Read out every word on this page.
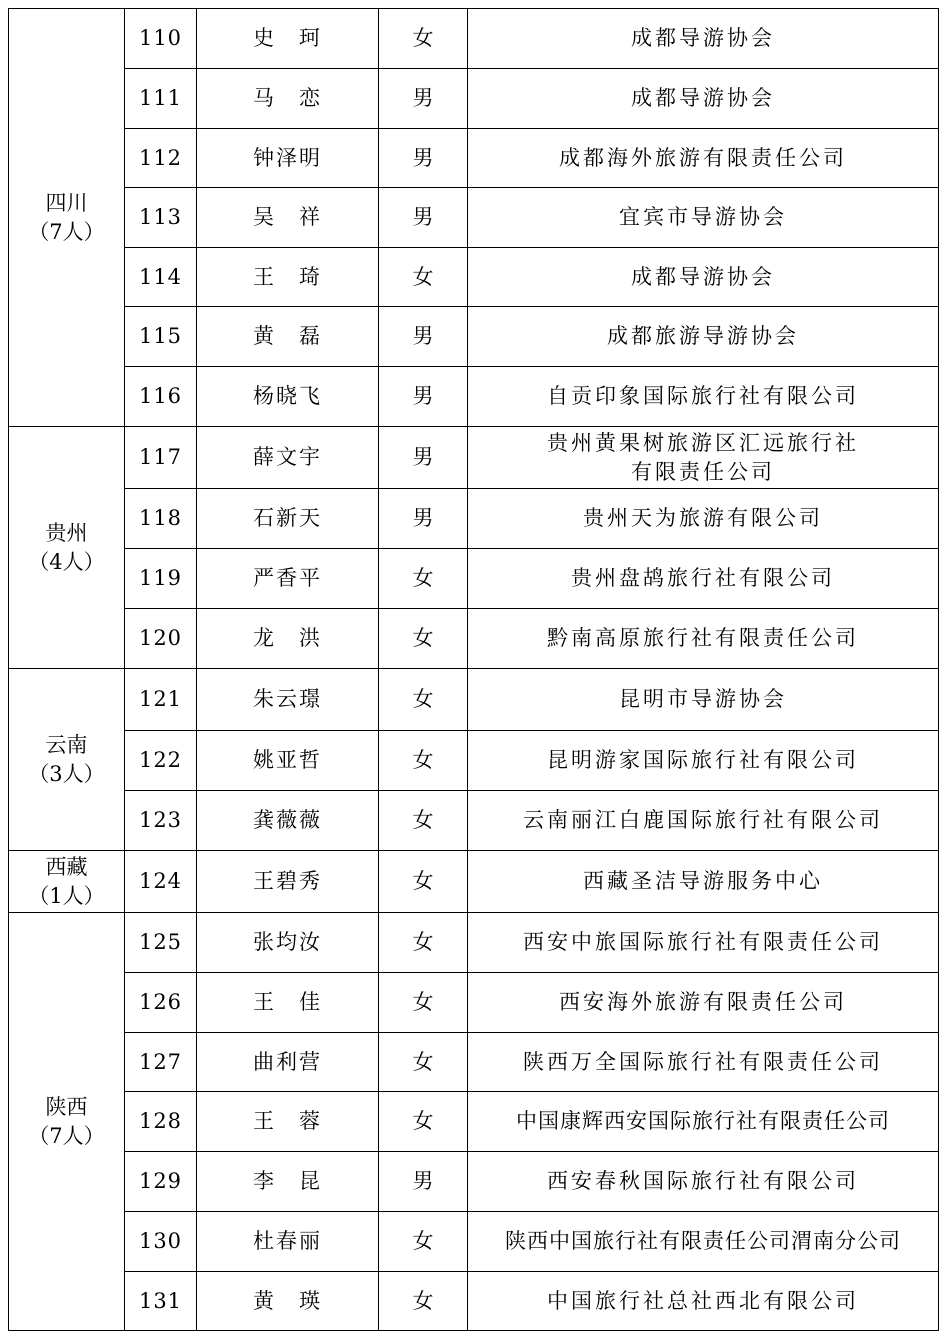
四川
（7人）	110	史　珂	女	成都导游协会

	111	马　恋	男	成都导游协会

	112	钟泽明	男	成都海外旅游有限责任公司

	113	吴　祥	男	宜宾市导游协会

	114	王　琦	女	成都导游协会

	115	黄　磊	男	成都旅游导游协会

	116	杨晓飞	男	自贡印象国际旅行社有限公司

贵州
（4人）	117	薛文宇	男	贵州黄果树旅游区汇远旅行社
有限责任公司

	118	石新天	男	贵州天为旅游有限公司

	119	严香平	女	贵州盘鸪旅行社有限公司

	120	龙　洪	女	黔南高原旅行社有限责任公司

云南
（3人）	121	朱云璟	女	昆明市导游协会

	122	姚亚哲	女	昆明游家国际旅行社有限公司

	123	龚薇薇	女	云南丽江白鹿国际旅行社有限公司

西藏
（1人）	124	王碧秀	女	西藏圣洁导游服务中心

陕西
（7人）	125	张均汝	女	西安中旅国际旅行社有限责任公司

	126	王　佳	女	西安海外旅游有限责任公司

	127	曲利营	女	陕西万全国际旅行社有限责任公司

	128	王　蓉	女	中国康辉西安国际旅行社有限责任公司

	129	李　昆	男	西安春秋国际旅行社有限公司

	130	杜春丽	女	陕西中国旅行社有限责任公司渭南分公司

	131	黄　瑛	女	中国旅行社总社西北有限公司
